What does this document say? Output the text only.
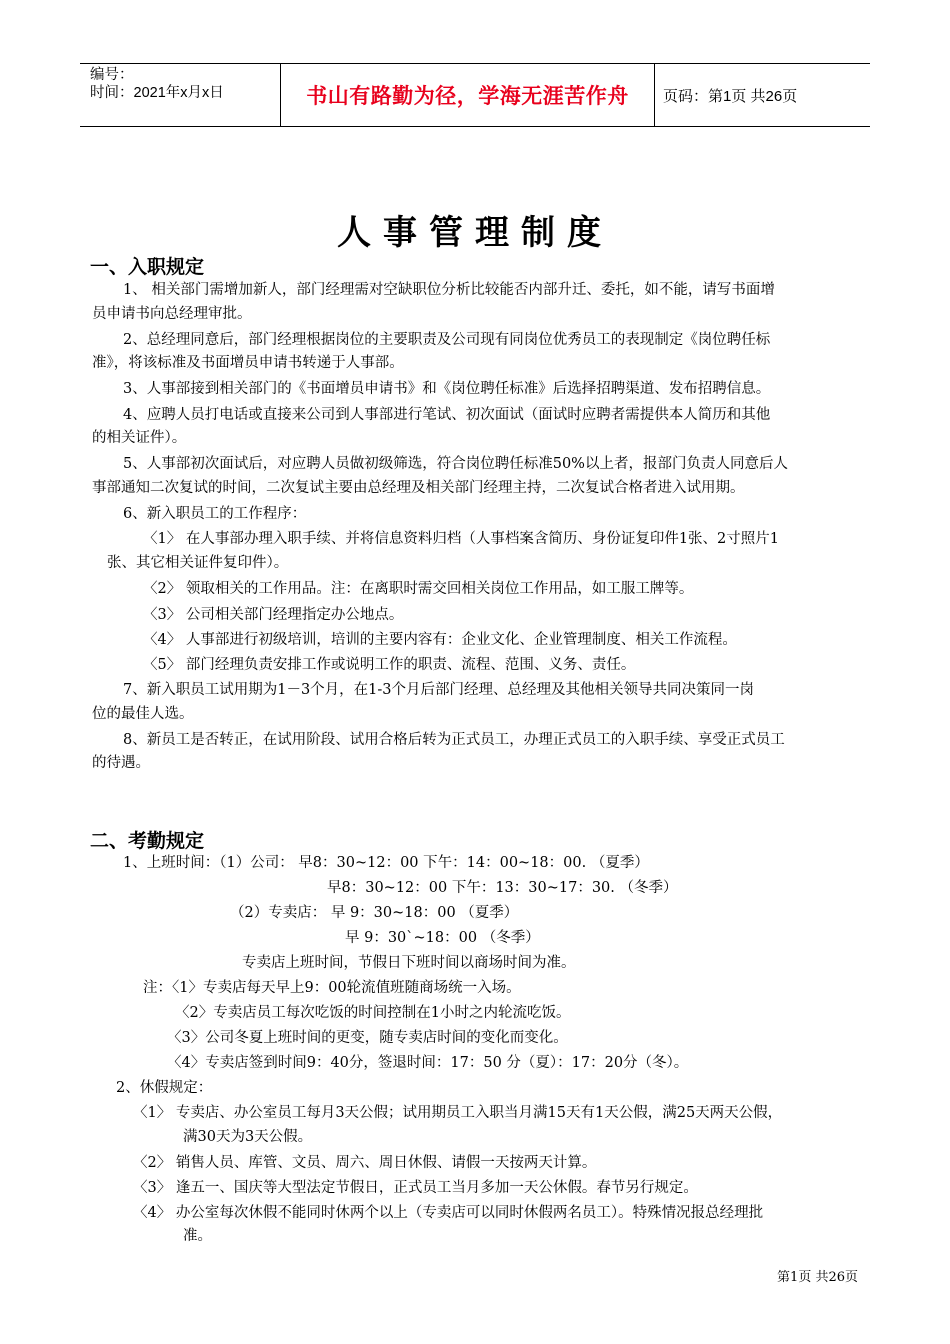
编号：
时间：2021年x月x日	书山有路勤为径，学海无涯苦作舟	页码：第1页 共26页
人事管理制度
一、入职规定
1、 相关部门需增加新人，部门经理需对空缺职位分析比较能否内部升迁、委托，如不能，请写书面增
员申请书向总经理审批。
2、总经理同意后，部门经理根据岗位的主要职责及公司现有同岗位优秀员工的表现制定《岗位聘任标
准》，将该标准及书面增员申请书转递于人事部。
3、人事部接到相关部门的《书面增员申请书》和《岗位聘任标准》后选择招聘渠道、发布招聘信息。
4、应聘人员打电话或直接来公司到人事部进行笔试、初次面试（面试时应聘者需提供本人简历和其他
的相关证件）。
5、人事部初次面试后，对应聘人员做初级筛选，符合岗位聘任标准50%以上者，报部门负责人同意后人
事部通知二次复试的时间，二次复试主要由总经理及相关部门经理主持，二次复试合格者进入试用期。
6、新入职员工的工作程序：
〈1〉 在人事部办理入职手续、并将信息资料归档（人事档案含简历、身份证复印件1张、2寸照片1
张、其它相关证件复印件）。
〈2〉 领取相关的工作用品。注：在离职时需交回相关岗位工作用品，如工服工牌等。
〈3〉 公司相关部门经理指定办公地点。
〈4〉 人事部进行初级培训，培训的主要内容有：企业文化、企业管理制度、相关工作流程。
〈5〉 部门经理负责安排工作或说明工作的职责、流程、范围、义务、责任。
7、新入职员工试用期为1－3个月，在1-3个月后部门经理、总经理及其他相关领导共同决策同一岗
位的最佳人选。
8、新员工是否转正，在试用阶段、试用合格后转为正式员工，办理正式员工的入职手续、享受正式员工
的待遇。
二、考勤规定
1、上班时间：（1）公司： 早8：30~12：00 下午：14：00~18：00. （夏季）
早8：30~12：00 下午：13：30~17：30. （冬季）
（2）专卖店： 早 9：30~18：00 （夏季）
早 9：30`~18：00 （冬季）
专卖店上班时间，节假日下班时间以商场时间为准。
注：〈1〉专卖店每天早上9：00轮流值班随商场统一入场。
〈2〉专卖店员工每次吃饭的时间控制在1小时之内轮流吃饭。
〈3〉公司冬夏上班时间的更变，随专卖店时间的变化而变化。
〈4〉专卖店签到时间9：40分，签退时间：17：50 分（夏）：17：20分（冬）。
2、休假规定：
〈1〉 专卖店、办公室员工每月3天公假；试用期员工入职当月满15天有1天公假，满25天两天公假，
满30天为3天公假。
〈2〉 销售人员、库管、文员、周六、周日休假、请假一天按两天计算。
〈3〉 逢五一、国庆等大型法定节假日，正式员工当月多加一天公休假。春节另行规定。
〈4〉 办公室每次休假不能同时休两个以上（专卖店可以同时休假两名员工）。特殊情况报总经理批
准。
第1页 共26页
